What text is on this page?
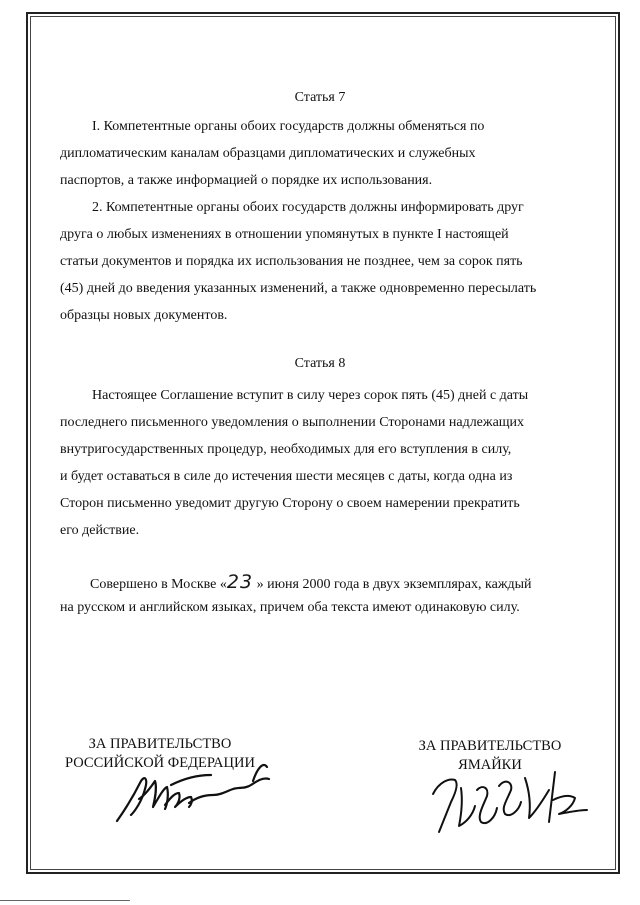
Статья 7
I. Компетентные органы обоих государств должны обменяться по
дипломатическим каналам образцами дипломатических и служебных
паспортов, а также информацией о порядке их использования.
2. Компетентные органы обоих государств должны информировать друг
друга о любых изменениях в отношении упомянутых в пункте I настоящей
статьи документов и порядка их использования не позднее, чем за сорок пять
(45) дней до введения указанных изменений, а также одновременно пересылать
образцы новых документов.
Статья 8
Настоящее Соглашение вступит в силу через сорок пять (45) дней с даты
последнего письменного уведомления о выполнении Сторонами надлежащих
внутригосударственных процедур, необходимых для его вступления в силу,
и будет оставаться в силе до истечения шести месяцев с даты, когда одна из
Сторон письменно уведомит другую Сторону о своем намерении прекратить
его действие.
Совершено в Москве «23 » июня 2000 года в двух экземплярах, каждый
на русском и английском языках, причем оба текста имеют одинаковую силу.
ЗА ПРАВИТЕЛЬСТВО
РОССИЙСКОЙ ФЕДЕРАЦИИ
ЗА ПРАВИТЕЛЬСТВО
ЯМАЙКИ
